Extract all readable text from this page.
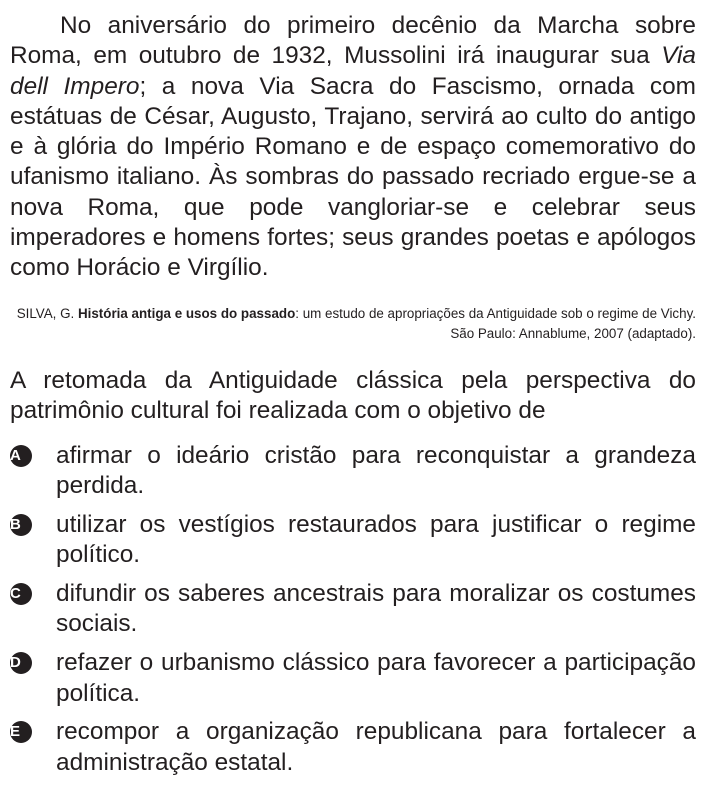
No aniversário do primeiro decênio da Marcha sobre Roma, em outubro de 1932, Mussolini irá inaugurar sua Via dell Impero; a nova Via Sacra do Fascismo, ornada com estátuas de César, Augusto, Trajano, servirá ao culto do antigo e à glória do Império Romano e de espaço comemorativo do ufanismo italiano. Às sombras do passado recriado ergue-se a nova Roma, que pode vangloriar-se e celebrar seus imperadores e homens fortes; seus grandes poetas e apólogos como Horácio e Virgílio.

SILVA, G. História antiga e usos do passado: um estudo de apropriações da Antiguidade sob o regime de Vichy. São Paulo: Annablume, 2007 (adaptado).

A retomada da Antiguidade clássica pela perspectiva do patrimônio cultural foi realizada com o objetivo de

A	afirmar o ideário cristão para reconquistar a grandeza perdida.
B	utilizar os vestígios restaurados para justificar o regime político.
C	difundir os saberes ancestrais para moralizar os costumes sociais.
D	refazer o urbanismo clássico para favorecer a participação política.
E	recompor a organização republicana para fortalecer a administração estatal.
